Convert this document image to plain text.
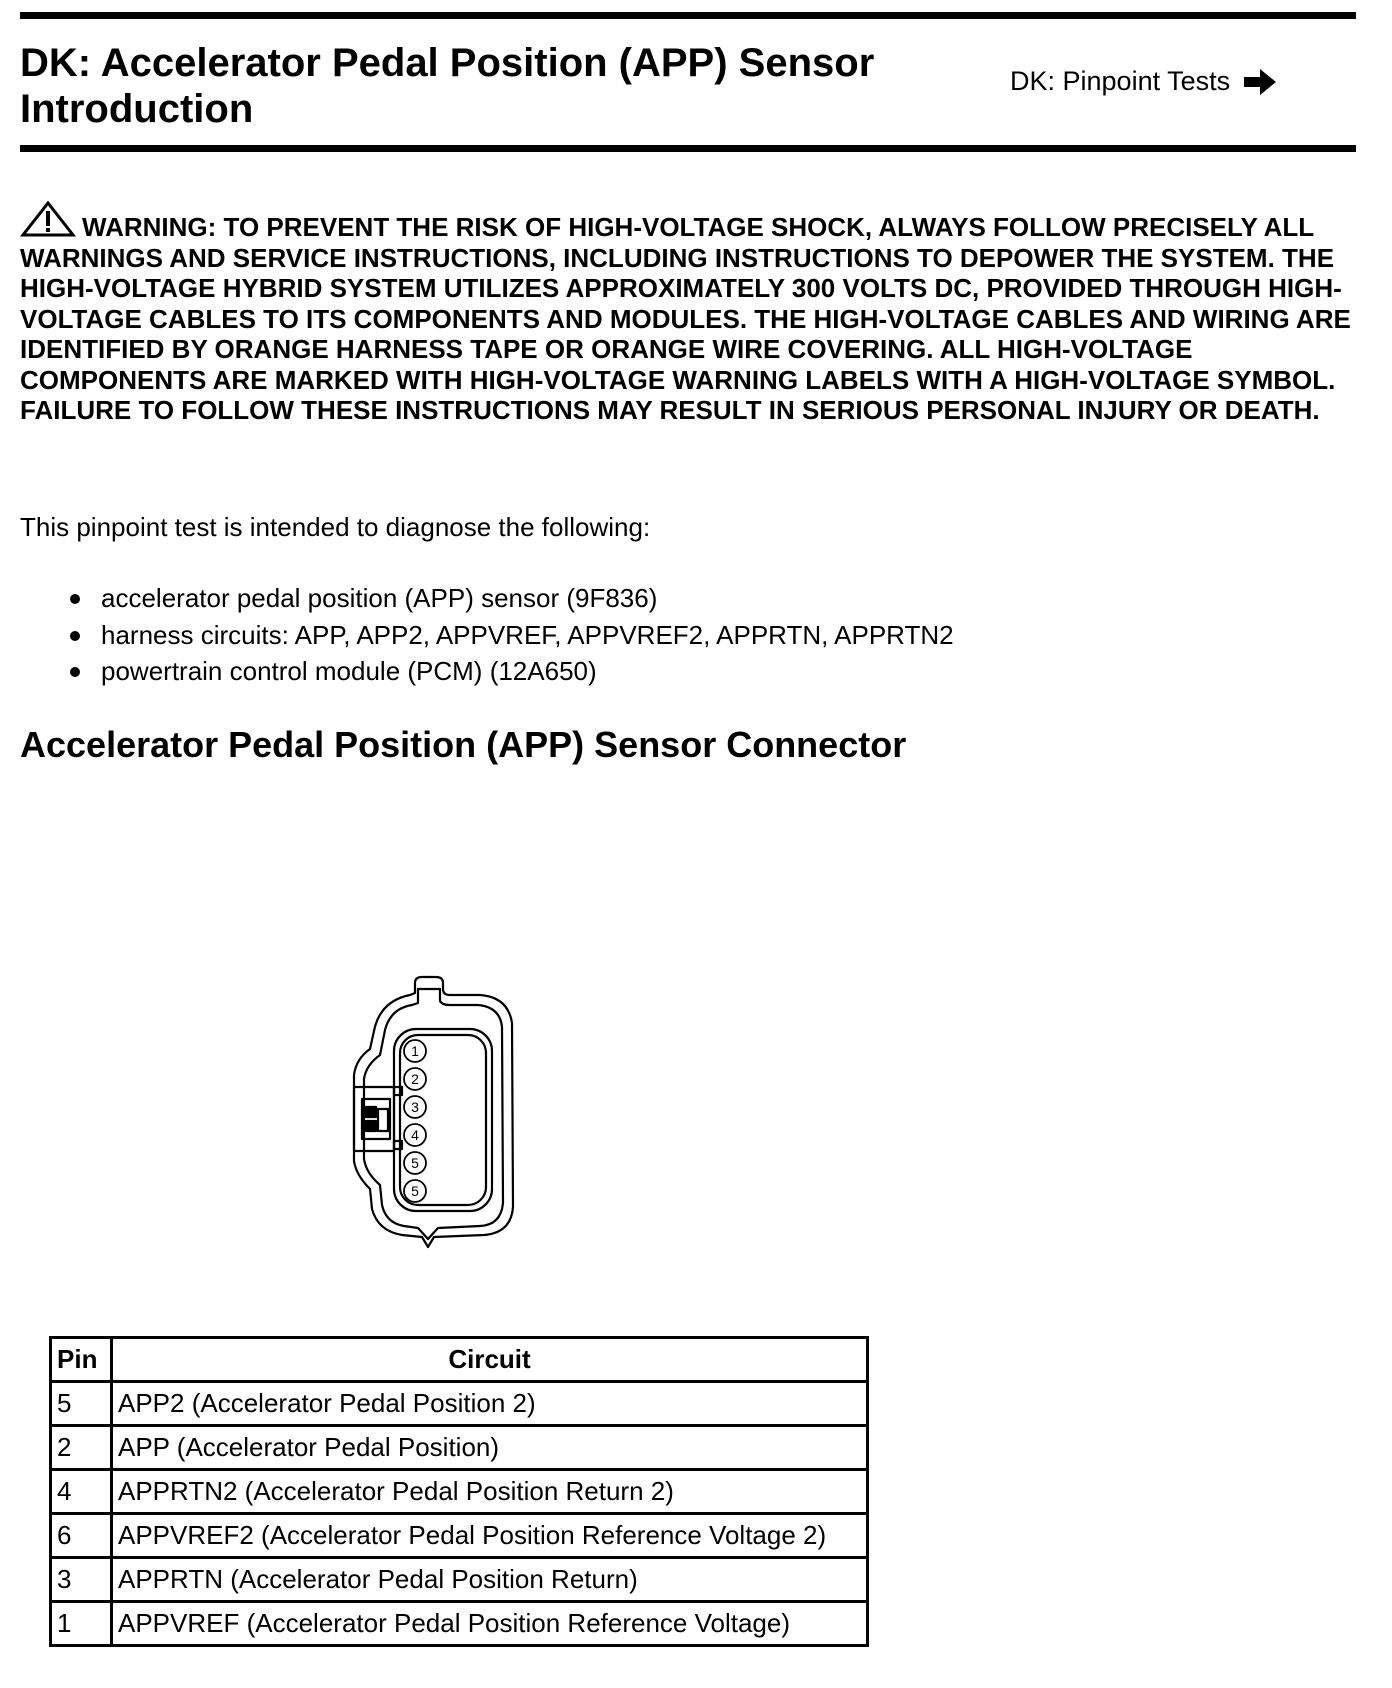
DK: Accelerator Pedal Position (APP) Sensor
Introduction
DK: Pinpoint Tests
WARNING: TO PREVENT THE RISK OF HIGH-VOLTAGE SHOCK, ALWAYS FOLLOW PRECISELY ALL WARNINGS AND SERVICE INSTRUCTIONS, INCLUDING INSTRUCTIONS TO DEPOWER THE SYSTEM. THE HIGH-VOLTAGE HYBRID SYSTEM UTILIZES APPROXIMATELY 300 VOLTS DC, PROVIDED THROUGH HIGH-VOLTAGE CABLES TO ITS COMPONENTS AND MODULES. THE HIGH-VOLTAGE CABLES AND WIRING ARE IDENTIFIED BY ORANGE HARNESS TAPE OR ORANGE WIRE COVERING. ALL HIGH-VOLTAGE COMPONENTS ARE MARKED WITH HIGH-VOLTAGE WARNING LABELS WITH A HIGH-VOLTAGE SYMBOL. FAILURE TO FOLLOW THESE INSTRUCTIONS MAY RESULT IN SERIOUS PERSONAL INJURY OR DEATH.
This pinpoint test is intended to diagnose the following:
accelerator pedal position (APP) sensor (9F836)
harness circuits: APP, APP2, APPVREF, APPVREF2, APPRTN, APPRTN2
powertrain control module (PCM) (12A650)
Accelerator Pedal Position (APP) Sensor Connector
1
2
3
4
5
5
Pin	Circuit
5	APP2 (Accelerator Pedal Position 2)
2	APP (Accelerator Pedal Position)
4	APPRTN2 (Accelerator Pedal Position Return 2)
6	APPVREF2 (Accelerator Pedal Position Reference Voltage 2)
3	APPRTN (Accelerator Pedal Position Return)
1	APPVREF (Accelerator Pedal Position Reference Voltage)
